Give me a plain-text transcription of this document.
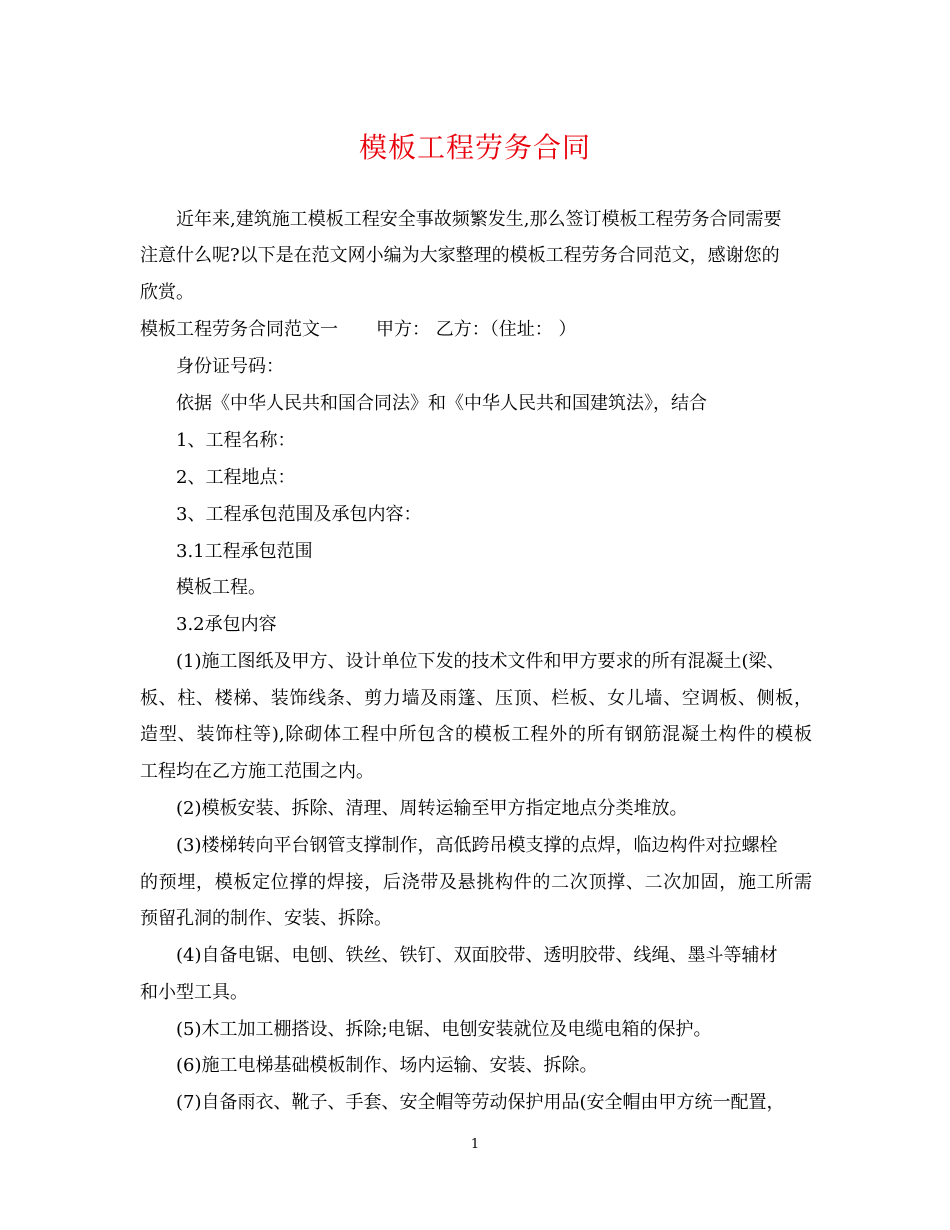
模板工程劳务合同
近年来,建筑施工模板工程安全事故频繁发生,那么签订模板工程劳务合同需要
注意什么呢?以下是在范文网小编为大家整理的模板工程劳务合同范文，感谢您的
欣赏。
模板工程劳务合同范文一 甲方： 乙方：（住址： ）
身份证号码：
依据《中华人民共和国合同法》和《中华人民共和国建筑法》，结合
1、工程名称：
2、工程地点：
3、工程承包范围及承包内容：
3.1工程承包范围
模板工程。
3.2承包内容
(1)施工图纸及甲方、设计单位下发的技术文件和甲方要求的所有混凝土(梁、
板、柱、楼梯、装饰线条、剪力墙及雨篷、压顶、栏板、女儿墙、空调板、侧板，
造型、装饰柱等),除砌体工程中所包含的模板工程外的所有钢筋混凝土构件的模板
工程均在乙方施工范围之内。
(2)模板安装、拆除、清理、周转运输至甲方指定地点分类堆放。
(3)楼梯转向平台钢管支撑制作，高低跨吊模支撑的点焊，临边构件对拉螺栓
的预埋，模板定位撑的焊接，后浇带及悬挑构件的二次顶撑、二次加固，施工所需
预留孔洞的制作、安装、拆除。
(4)自备电锯、电刨、铁丝、铁钉、双面胶带、透明胶带、线绳、墨斗等辅材
和小型工具。
(5)木工加工棚搭设、拆除;电锯、电刨安装就位及电缆电箱的保护。
(6)施工电梯基础模板制作、场内运输、安装、拆除。
(7)自备雨衣、靴子、手套、安全帽等劳动保护用品(安全帽由甲方统一配置，
1
